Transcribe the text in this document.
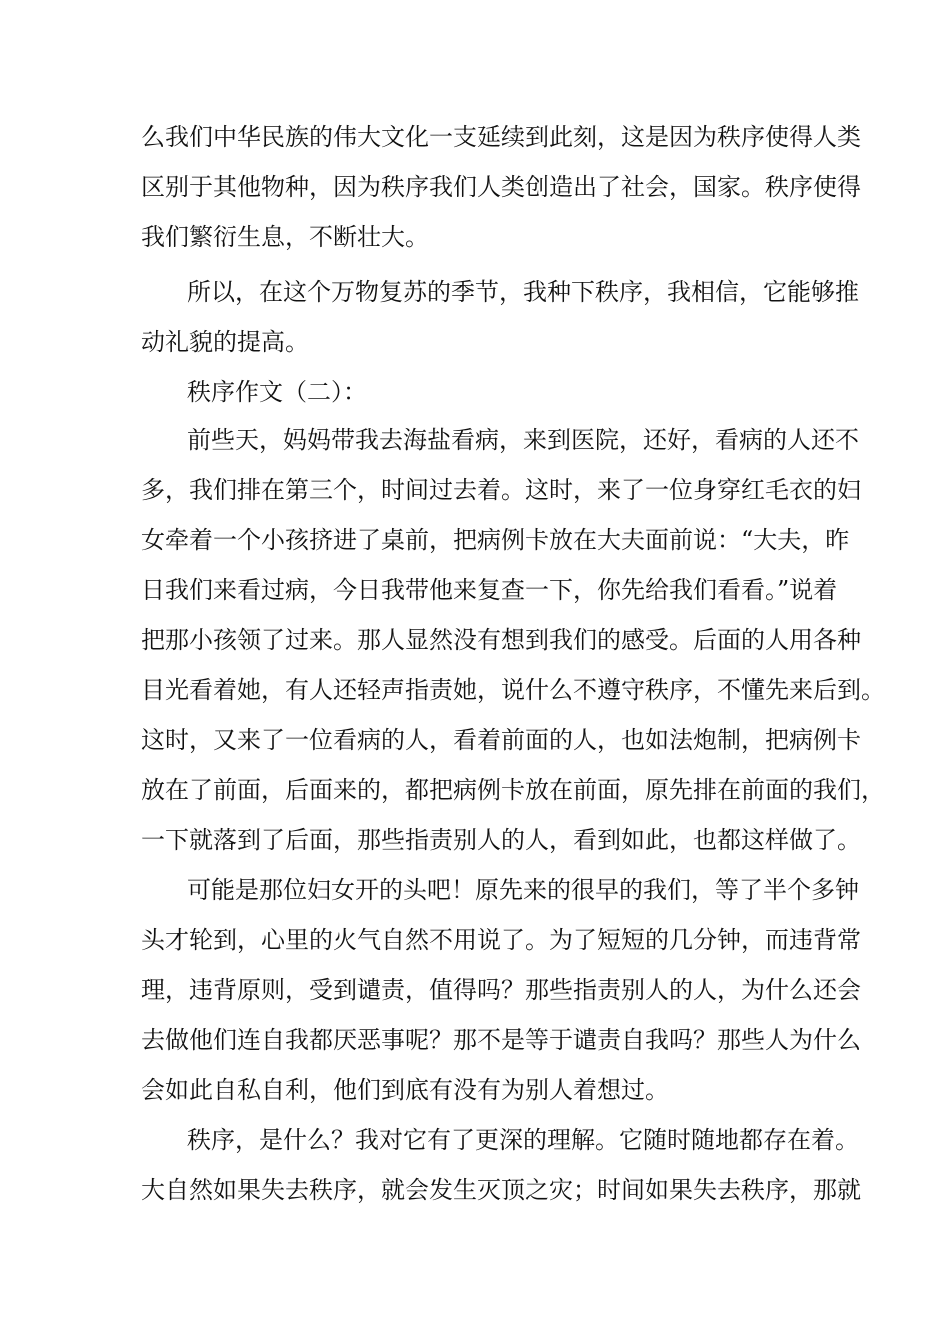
么我们中华民族的伟大文化一支延续到此刻，这是因为秩序使得人类
区别于其他物种，因为秩序我们人类创造出了社会，国家。秩序使得
我们繁衍生息，不断壮大。
所以，在这个万物复苏的季节，我种下秩序，我相信，它能够推
动礼貌的提高。
秩序作文（二）：
前些天，妈妈带我去海盐看病，来到医院，还好，看病的人还不
多，我们排在第三个，时间过去着。这时，来了一位身穿红毛衣的妇
女牵着一个小孩挤进了桌前，把病例卡放在大夫面前说：“大夫，昨
日我们来看过病，今日我带他来复查一下，你先给我们看看。”说着
把那小孩领了过来。那人显然没有想到我们的感受。后面的人用各种
目光看着她，有人还轻声指责她，说什么不遵守秩序，不懂先来后到。
这时，又来了一位看病的人，看着前面的人，也如法炮制，把病例卡
放在了前面，后面来的，都把病例卡放在前面，原先排在前面的我们，
一下就落到了后面，那些指责别人的人，看到如此，也都这样做了。
可能是那位妇女开的头吧！原先来的很早的我们，等了半个多钟
头才轮到，心里的火气自然不用说了。为了短短的几分钟，而违背常
理，违背原则，受到谴责，值得吗？那些指责别人的人，为什么还会
去做他们连自我都厌恶事呢？那不是等于谴责自我吗？那些人为什么
会如此自私自利，他们到底有没有为别人着想过。
秩序，是什么？我对它有了更深的理解。它随时随地都存在着。
大自然如果失去秩序，就会发生灭顶之灾；时间如果失去秩序，那就
